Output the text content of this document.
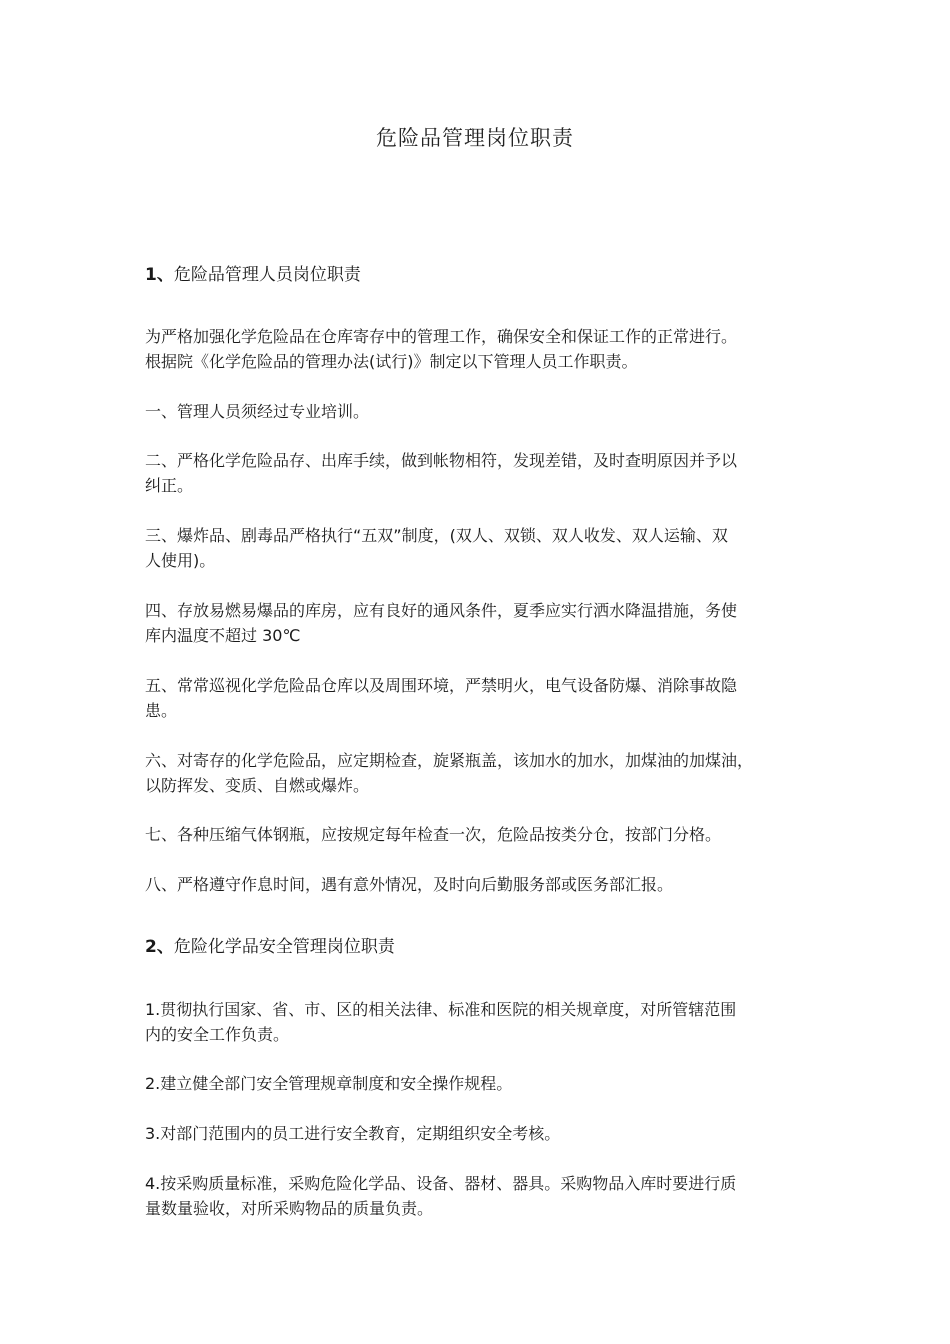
危险品管理岗位职责
1、危险品管理人员岗位职责
为严格加强化学危险品在仓库寄存中的管理工作，确保安全和保证工作的正常进行。
根据院《化学危险品的管理办法(试行)》制定以下管理人员工作职责。
一、管理人员须经过专业培训。
二、严格化学危险品存、出库手续，做到帐物相符，发现差错，及时查明原因并予以
纠正。
三、爆炸品、剧毒品严格执行“五双”制度，(双人、双锁、双人收发、双人运输、双
人使用)。
四、存放易燃易爆品的库房，应有良好的通风条件，夏季应实行洒水降温措施，务使
库内温度不超过 30℃
五、常常巡视化学危险品仓库以及周围环境，严禁明火，电气设备防爆、消除事故隐
患。
六、对寄存的化学危险品，应定期检查，旋紧瓶盖，该加水的加水，加煤油的加煤油，
以防挥发、变质、自燃或爆炸。
七、各种压缩气体钢瓶，应按规定每年检查一次，危险品按类分仓，按部门分格。
八、严格遵守作息时间，遇有意外情况，及时向后勤服务部或医务部汇报。
2、危险化学品安全管理岗位职责
1.贯彻执行国家、省、市、区的相关法律、标准和医院的相关规章度，对所管辖范围
内的安全工作负责。
2.建立健全部门安全管理规章制度和安全操作规程。
3.对部门范围内的员工进行安全教育，定期组织安全考核。
4.按采购质量标准，采购危险化学品、设备、器材、器具。采购物品入库时要进行质
量数量验收，对所采购物品的质量负责。
